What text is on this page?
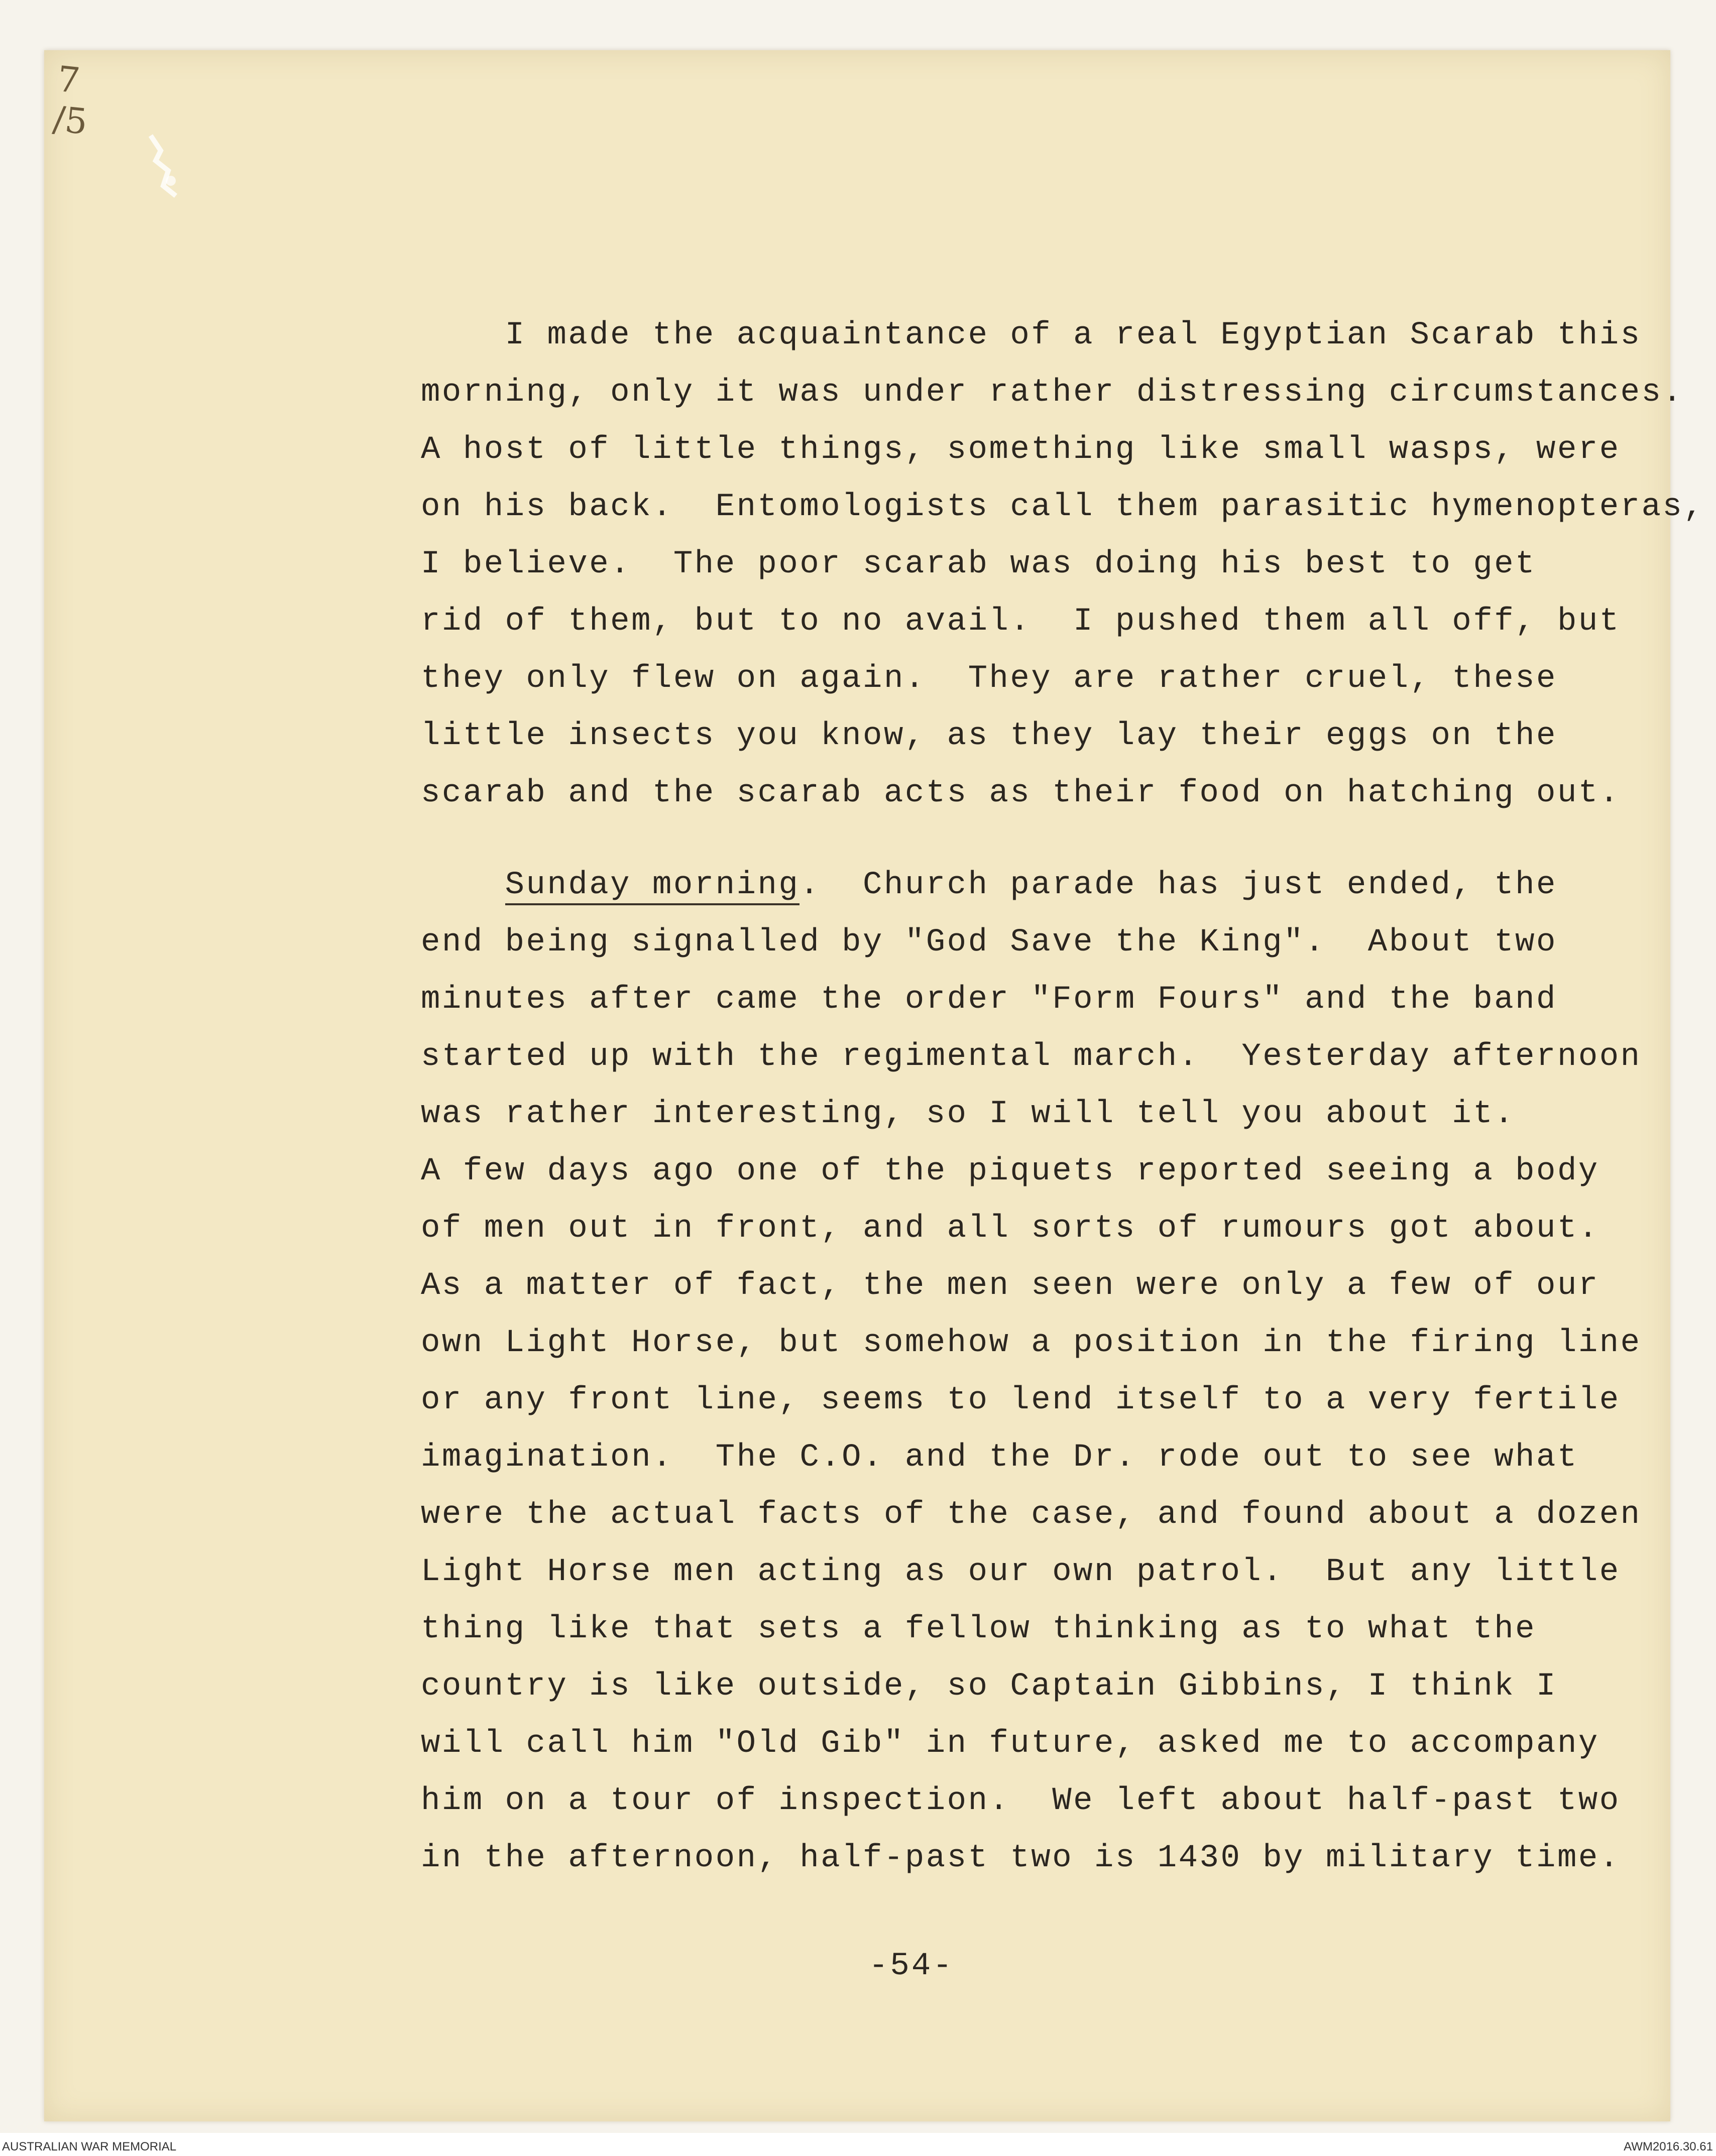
7
/5
I made the acquaintance of a real Egyptian Scarab this
morning, only it was under rather distressing circumstances.
A host of little things, something like small wasps, were
on his back.  Entomologists call them parasitic hymenopteras,
I believe.  The poor scarab was doing his best to get
rid of them, but to no avail.  I pushed them all off, but
they only flew on again.  They are rather cruel, these
little insects you know, as they lay their eggs on the
scarab and the scarab acts as their food on hatching out.
Sunday morning.  Church parade has just ended, the
end being signalled by "God Save the King".  About two
minutes after came the order "Form Fours" and the band
started up with the regimental march.  Yesterday afternoon
was rather interesting, so I will tell you about it.
A few days ago one of the piquets reported seeing a body
of men out in front, and all sorts of rumours got about.
As a matter of fact, the men seen were only a few of our
own Light Horse, but somehow a position in the firing line
or any front line, seems to lend itself to a very fertile
imagination.  The C.O. and the Dr. rode out to see what
were the actual facts of the case, and found about a dozen
Light Horse men acting as our own patrol.  But any little
thing like that sets a fellow thinking as to what the
country is like outside, so Captain Gibbins, I think I
will call him "Old Gib" in future, asked me to accompany
him on a tour of inspection.  We left about half-past two
in the afternoon, half-past two is 1430 by military time.
-54-
AUSTRALIAN WAR MEMORIAL	AWM2016.30.61
